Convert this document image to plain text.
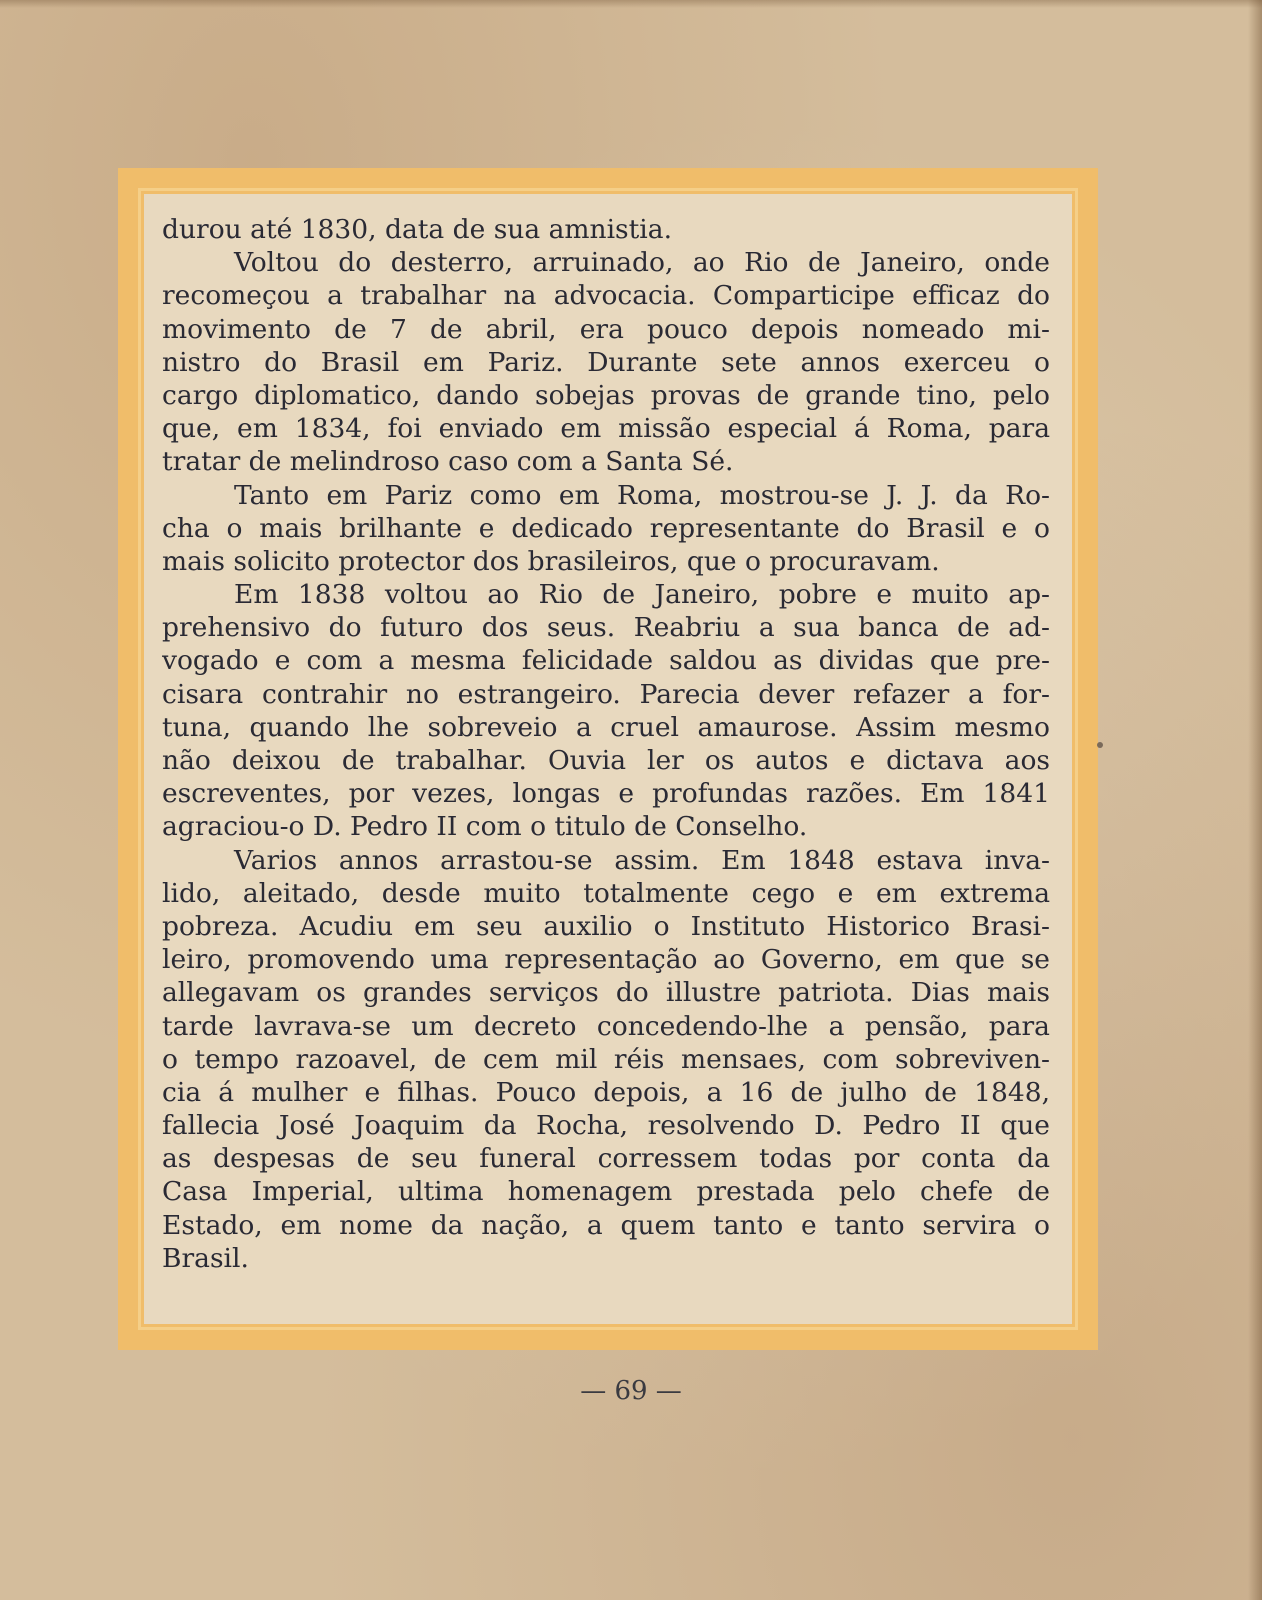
durou até 1830, data de sua amnistia.
Voltou do desterro, arruinado, ao Rio de Janeiro, onde
recomeçou a trabalhar na advocacia. Comparticipe efficaz do
movimento de 7 de abril, era pouco depois nomeado mi-
nistro do Brasil em Pariz. Durante sete annos exerceu o
cargo diplomatico, dando sobejas provas de grande tino, pelo
que, em 1834, foi enviado em missão especial á Roma, para
tratar de melindroso caso com a Santa Sé.
Tanto em Pariz como em Roma, mostrou-se J. J. da Ro-
cha o mais brilhante e dedicado representante do Brasil e o
mais solicito protector dos brasileiros, que o procuravam.
Em 1838 voltou ao Rio de Janeiro, pobre e muito ap-
prehensivo do futuro dos seus. Reabriu a sua banca de ad-
vogado e com a mesma felicidade saldou as dividas que pre-
cisara contrahir no estrangeiro. Parecia dever refazer a for-
tuna, quando lhe sobreveio a cruel amaurose. Assim mesmo
não deixou de trabalhar. Ouvia ler os autos e dictava aos
escreventes, por vezes, longas e profundas razões. Em 1841
agraciou-o D. Pedro II com o titulo de Conselho.
Varios annos arrastou-se assim. Em 1848 estava inva-
lido, aleitado, desde muito totalmente cego e em extrema
pobreza. Acudiu em seu auxilio o Instituto Historico Brasi-
leiro, promovendo uma representação ao Governo, em que se
allegavam os grandes serviços do illustre patriota. Dias mais
tarde lavrava-se um decreto concedendo-lhe a pensão, para
o tempo razoavel, de cem mil réis mensaes, com sobreviven-
cia á mulher e filhas. Pouco depois, a 16 de julho de 1848,
fallecia José Joaquim da Rocha, resolvendo D. Pedro II que
as despesas de seu funeral corressem todas por conta da
Casa Imperial, ultima homenagem prestada pelo chefe de
Estado, em nome da nação, a quem tanto e tanto servira o
Brasil.
— 69 —
